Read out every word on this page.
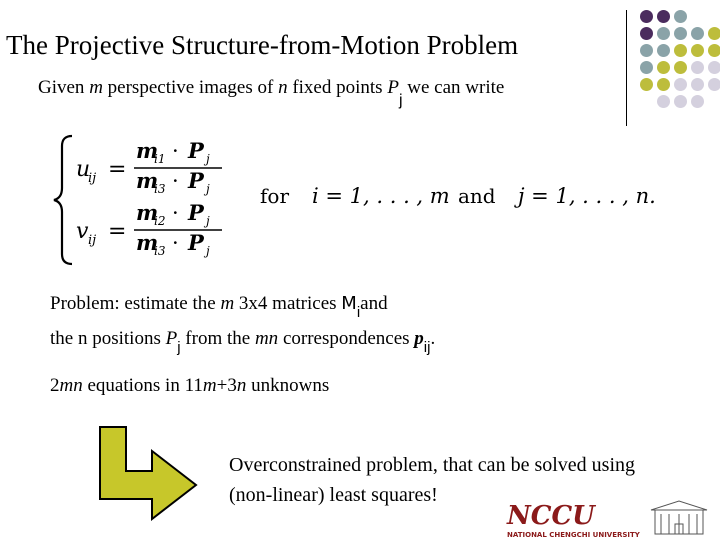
The Projective Structure-from-Motion Problem
Given m perspective images of n fixed points $P_j$ we can write
u
ij =
m
i1 · P j
m
i3 · P j
v ij =
m
i2 · P j
m
i3 · P j
for i = 1, . . . , m and j = 1, . . . , n.
Problem: estimate the m 3x4 matrices $M_iand$
the n positions $P_j$ from the mn correspondences $p_{ij}$.
2mn equations in 11m+3n unknowns
Overconstrained problem, that can be solved using (non-linear) least squares!
NCCU
NATIONAL CHENGCHI UNIVERSITY
